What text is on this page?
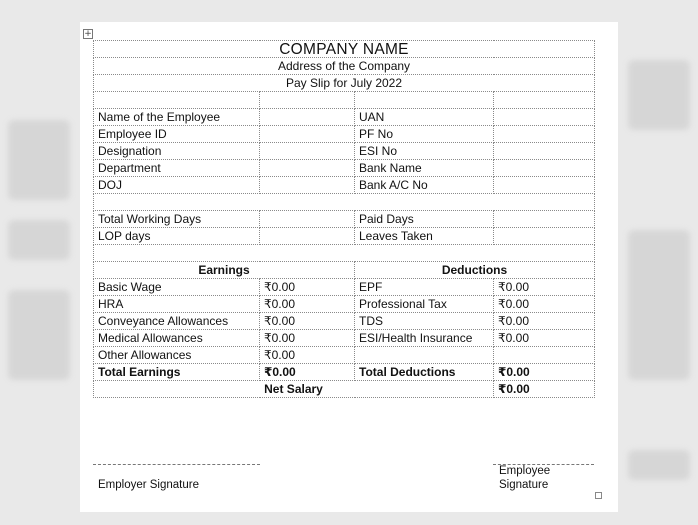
+
COMPANY NAME			
Address of the Company			
Pay Slip for July 2022			

Name of the Employee		UAN	
Employee ID		PF No	
Designation		ESI No	
Department		Bank Name	
DOJ		Bank A/C No	

Total Working Days		Paid Days	
LOP days		Leaves Taken	

Earnings		Deductions	
Basic Wage	₹0.00	EPF	₹0.00
HRA	₹0.00	Professional Tax	₹0.00
Conveyance Allowances	₹0.00	TDS	₹0.00
Medical Allowances	₹0.00	ESI/Health Insurance	₹0.00
Other Allowances	₹0.00		
Total Earnings	₹0.00	Total Deductions	₹0.00
Net Salary			₹0.00
Employer Signature
Employee
Signature
